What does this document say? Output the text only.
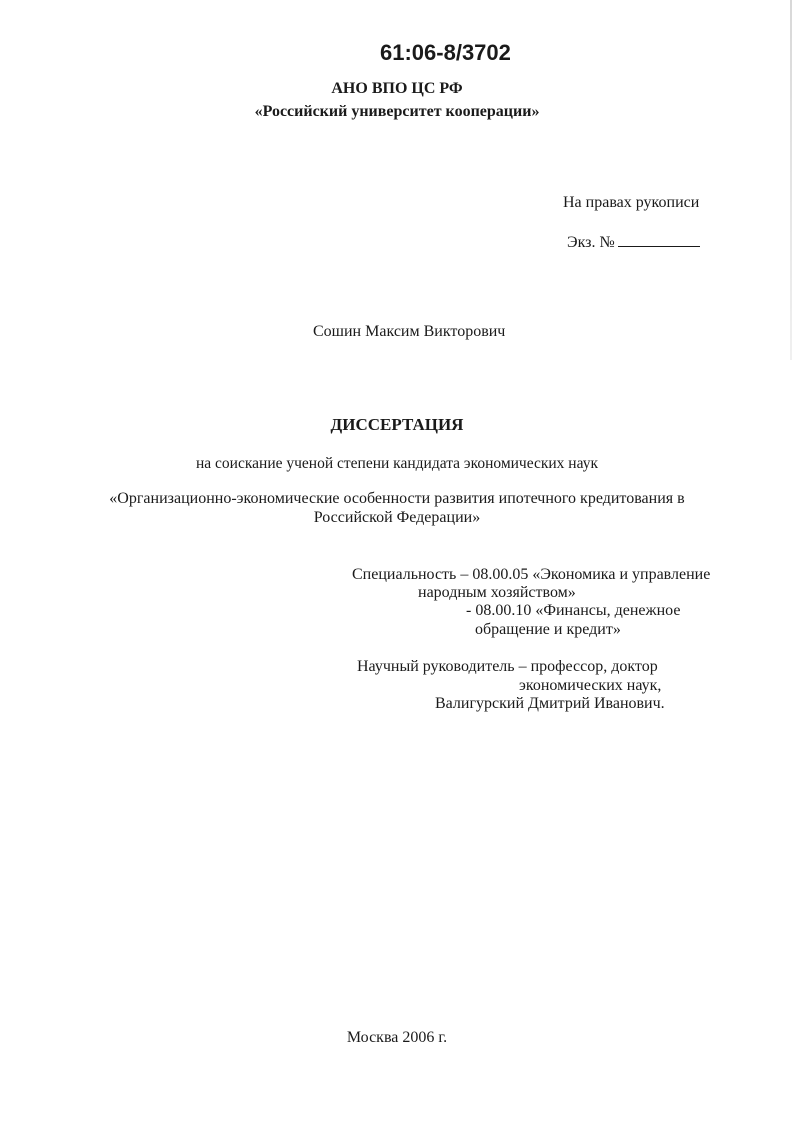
61:06-8/3702
АНО ВПО ЦС РФ
«Российский университет кооперации»
На правах рукописи
Экз. №
Сошин Максим Викторович
ДИССЕРТАЦИЯ
на соискание ученой степени кандидата экономических наук
«Организационно-экономические особенности развития ипотечного кредитования в
Российской Федерации»
Специальность – 08.00.05 «Экономика и управление
народным хозяйством»
- 08.00.10 «Финансы, денежное
обращение и кредит»
Научный руководитель – профессор, доктор
экономических наук,
Валигурский Дмитрий Иванович.
Москва 2006 г.
